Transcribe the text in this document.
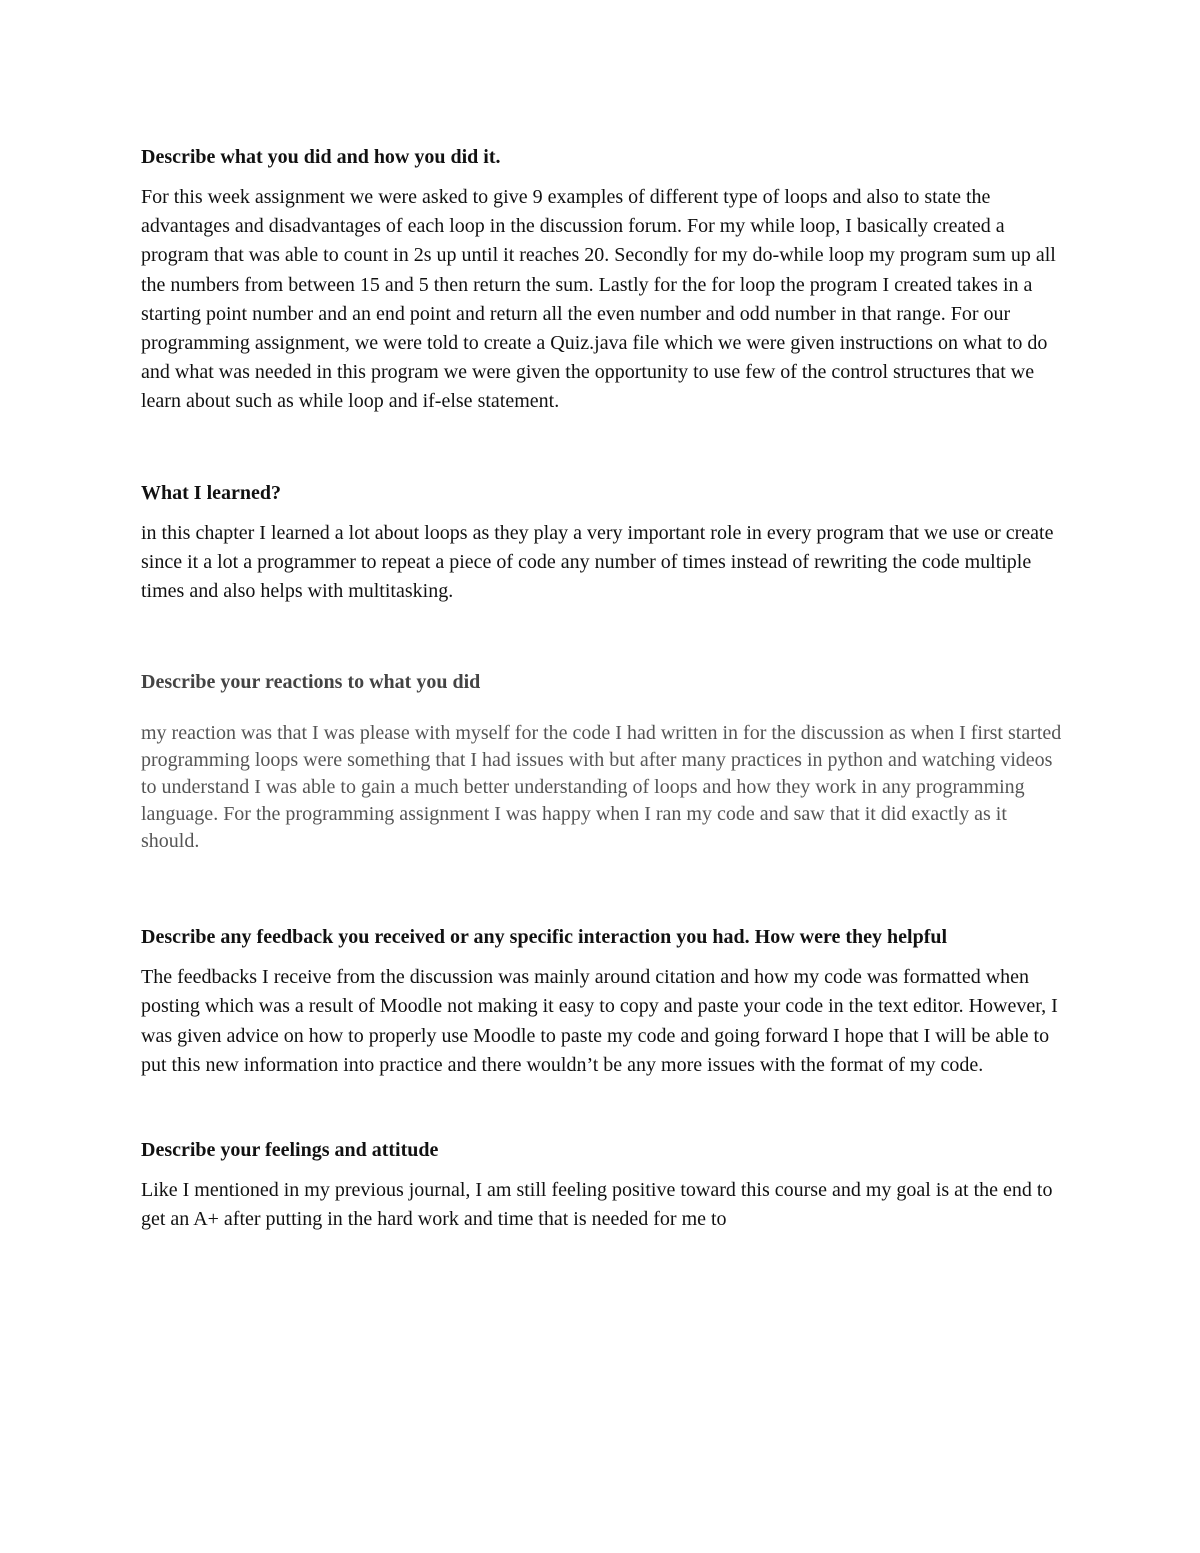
Describe what you did and how you did it.

For this week assignment we were asked to give 9 examples of different type of loops and also to state the advantages and disadvantages of each loop in the discussion forum. For my while loop, I basically created a program that was able to count in 2s up until it reaches 20. Secondly for my do-while loop my program sum up all the numbers from between 15 and 5 then return the sum. Lastly for the for loop the program I created takes in a starting point number and an end point and return all the even number and odd number in that range. For our programming assignment, we were told to create a Quiz.java file which we were given instructions on what to do and what was needed in this program we were given the opportunity to use few of the control structures that we learn about such as while loop and if-else statement.

What I learned?

in this chapter I learned a lot about loops as they play a very important role in every program that we use or create since it a lot a programmer to repeat a piece of code any number of times instead of rewriting the code multiple times and also helps with multitasking.

Describe your reactions to what you did

my reaction was that I was please with myself for the code I had written in for the discussion as when I first started programming loops were something that I had issues with but after many practices in python and watching videos to understand I was able to gain a much better understanding of loops and how they work in any programming language. For the programming assignment I was happy when I ran my code and saw that it did exactly as it should.

Describe any feedback you received or any specific interaction you had. How were they helpful

The feedbacks I receive from the discussion was mainly around citation and how my code was formatted when posting which was a result of Moodle not making it easy to copy and paste your code in the text editor. However, I was given advice on how to properly use Moodle to paste my code and going forward I hope that I will be able to put this new information into practice and there wouldn’t be any more issues with the format of my code.

Describe your feelings and attitude

Like I mentioned in my previous journal, I am still feeling positive toward this course and my goal is at the end to get an A+ after putting in the hard work and time that is needed for me to
